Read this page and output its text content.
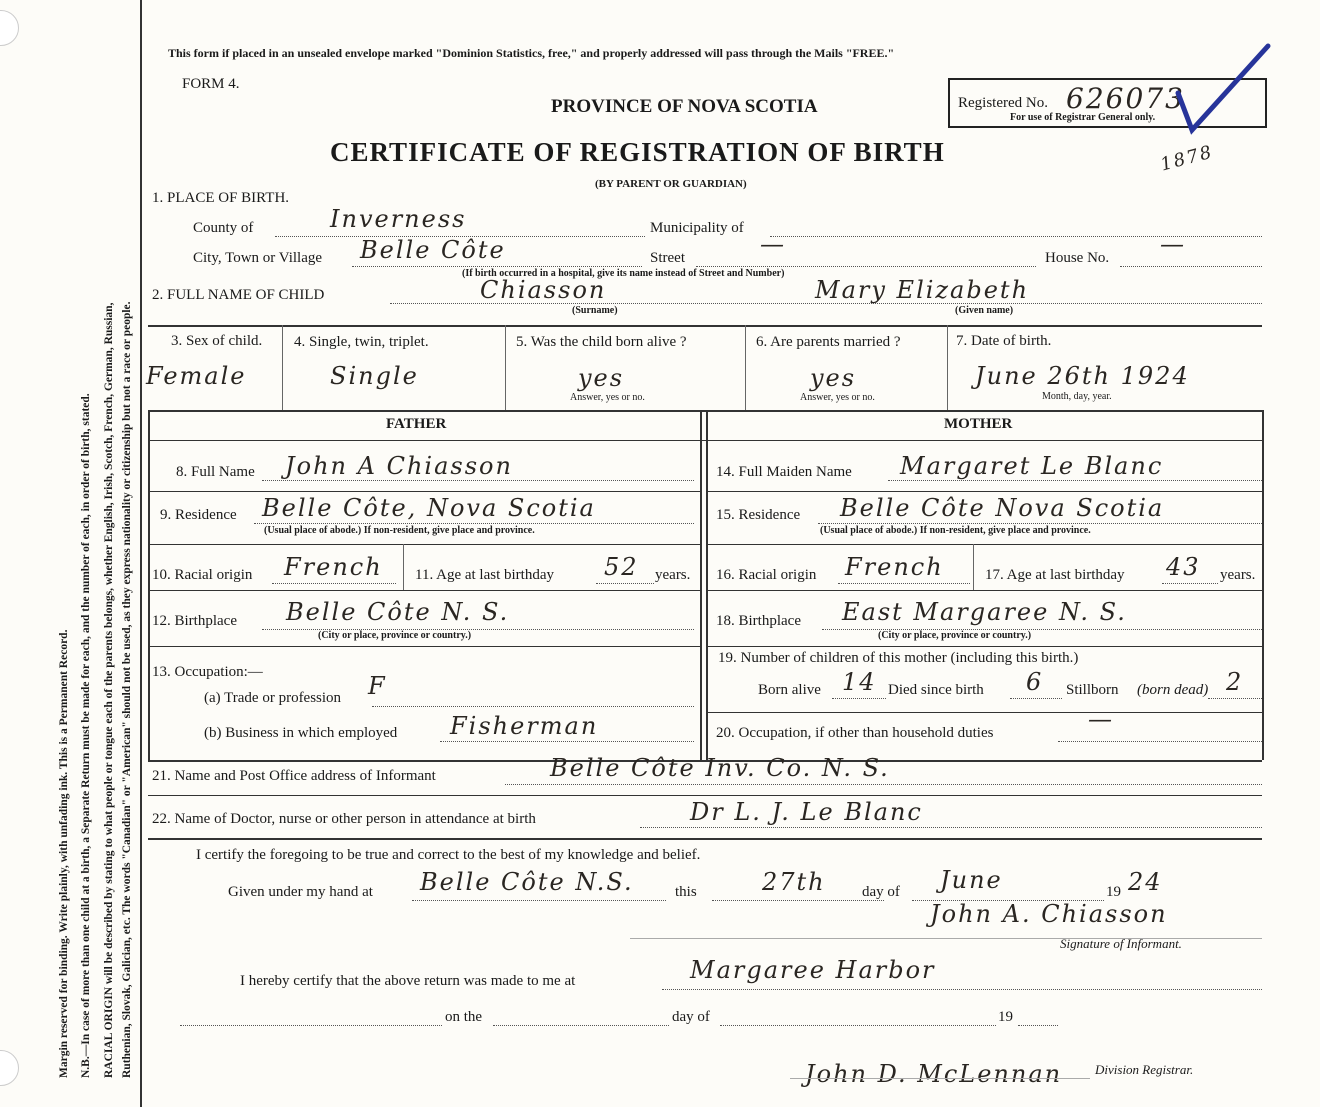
Margin reserved for binding. Write plainly, with unfading ink. This is a Permanent Record. N.B.—In case of more than one child at a birth, a Separate Return must be made for each, and the number of each, in order of birth, stated. RACIAL ORIGIN will be described by stating to what people or tongue each of the parents belongs, whether English, Irish, Scotch, French, German, Russian, Ruthenian, Slovak, Galician, etc. The words "Canadian" or "American" should not be used, as they express nationality or citizenship but not a race or people.
This form if placed in an unsealed envelope marked "Dominion Statistics, free," and properly addressed will pass through the Mails "FREE."
FORM 4.
PROVINCE OF NOVA SCOTIA
CERTIFICATE OF REGISTRATION OF BIRTH
(BY PARENT OR GUARDIAN)
Registered No. 626073
For use of Registrar General only.
1878
1. PLACE OF BIRTH.
County of	Inverness	Municipality of
City, Town or Village Belle Côte	Street	—	House No. —
(If birth occurred in a hospital, give its name instead of Street and Number)
2. FULL NAME OF CHILD	Chiasson	Mary Elizabeth
(Surname)	(Given name)
3. Sex of child.
Female
4. Single, twin, triplet.
Single
5. Was the child born alive ?
yes
Answer, yes or no.
6. Are parents married ?
yes
Answer, yes or no.
7. Date of birth.
June 26th 1924
Month, day, year.
FATHER	MOTHER
8. Full Name John A Chiasson
9. Residence Belle Côte, Nova Scotia
(Usual place of abode.) If non-resident, give place and province.
10. Racial origin French 11. Age at last birthday 52 years.
12. Birthplace Belle Côte N. S.
(City or place, province or country.)
13. Occupation:—
(a) Trade or profession F
(b) Business in which employed Fisherman
14. Full Maiden Name Margaret Le Blanc
15. Residence Belle Côte Nova Scotia
(Usual place of abode.) If non-resident, give place and province.
16. Racial origin French	17. Age at last birthday 43 years.
18. Birthplace East Margaree N. S.
(City or place, province or country.)
19. Number of children of this mother (including this birth.)
Born alive 14 Died since birth 6 Stillborn (born dead) 2
20. Occupation, if other than household duties	—
21. Name and Post Office address of Informant	Belle Côte Inv. Co. N. S.
22. Name of Doctor, nurse or other person in attendance at birth	Dr L. J. Le Blanc
I certify the foregoing to be true and correct to the best of my knowledge and belief.
Given under my hand at Belle Côte N.S.	this	27th day of June	19 24
John A. Chiasson
Signature of Informant.
I hereby certify that the above return was made to me at	Margaree Harbor
on the	day of	19
John D. McLennan	Division Registrar.
